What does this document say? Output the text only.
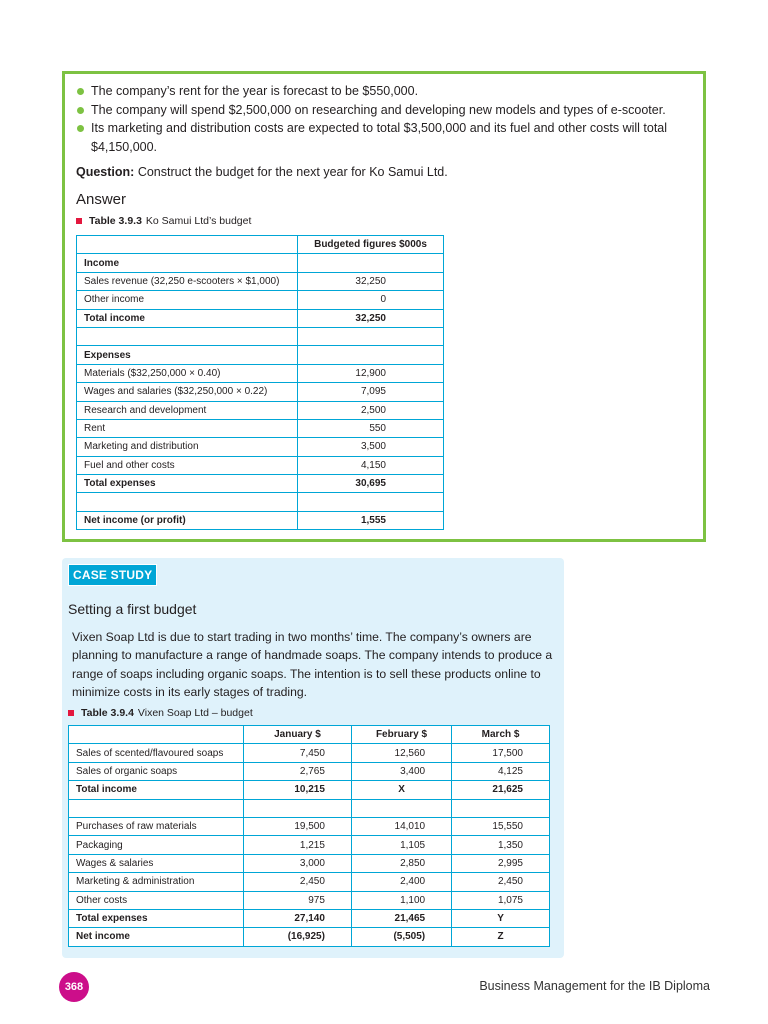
The company’s rent for the year is forecast to be $550,000.
The company will spend $2,500,000 on researching and developing new models and types of e-scooter.
Its marketing and distribution costs are expected to total $3,500,000 and its fuel and other costs will total $4,150,000.
Question: Construct the budget for the next year for Ko Samui Ltd.
Answer
Table 3.9.3 Ko Samui Ltd’s budget
	Budgeted figures $000s
Income	
Sales revenue (32,250 e-scooters × $1,000)	32,250
Other income	0
Total income	32,250

Expenses	
Materials ($32,250,000 × 0.40)	12,900
Wages and salaries ($32,250,000 × 0.22)	7,095
Research and development	2,500
Rent	550
Marketing and distribution	3,500
Fuel and other costs	4,150
Total expenses	30,695

Net income (or profit)	1,555
CASE STUDY
Setting a first budget
Vixen Soap Ltd is due to start trading in two months’ time. The company’s owners are planning to manufacture a range of handmade soaps. The company intends to produce a range of soaps including organic soaps. The intention is to sell these products online to minimize costs in its early stages of trading.
Table 3.9.4 Vixen Soap Ltd – budget
	January $	February $	March $
Sales of scented/flavoured soaps	7,450	12,560	17,500
Sales of organic soaps	2,765	3,400	4,125
Total income	10,215	X	21,625

Purchases of raw materials	19,500	14,010	15,550
Packaging	1,215	1,105	1,350
Wages & salaries	3,000	2,850	2,995
Marketing & administration	2,450	2,400	2,450
Other costs	975	1,100	1,075
Total expenses	27,140	21,465	Y
Net income	(16,925)	(5,505)	Z
368	Business Management for the IB Diploma
